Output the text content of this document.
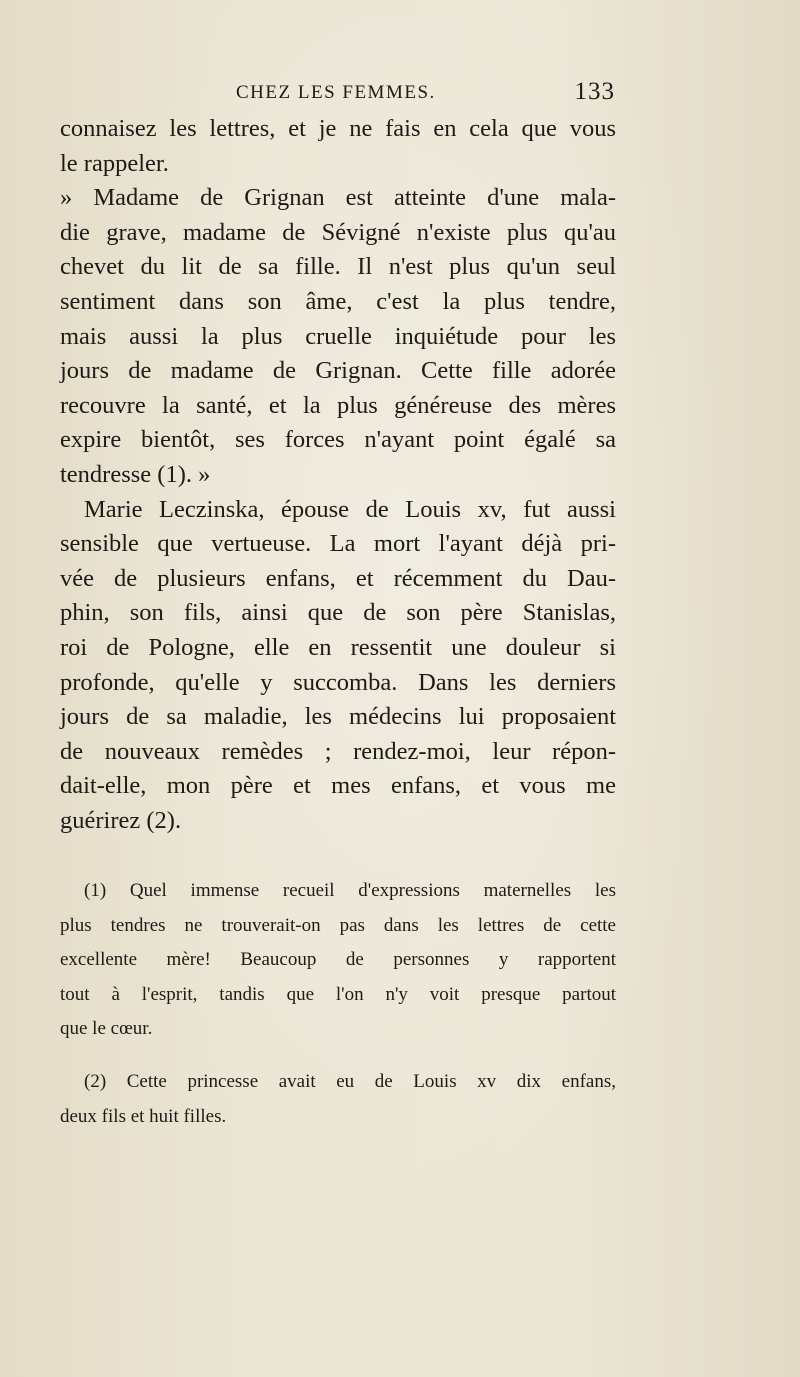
CHEZ LES FEMMES.	133
connaisez les lettres, et je ne fais en cela que vous
le rappeler.
» Madame de Grignan est atteinte d'une mala-
die grave, madame de Sévigné n'existe plus qu'au
chevet du lit de sa fille. Il n'est plus qu'un seul
sentiment dans son âme, c'est la plus tendre,
mais aussi la plus cruelle inquiétude pour les
jours de madame de Grignan. Cette fille adorée
recouvre la santé, et la plus généreuse des mères
expire bientôt, ses forces n'ayant point égalé sa
tendresse (1). »
Marie Leczinska, épouse de Louis xv, fut aussi
sensible que vertueuse. La mort l'ayant déjà pri-
vée de plusieurs enfans, et récemment du Dau-
phin, son fils, ainsi que de son père Stanislas,
roi de Pologne, elle en ressentit une douleur si
profonde, qu'elle y succomba. Dans les derniers
jours de sa maladie, les médecins lui proposaient
de nouveaux remèdes ; rendez-moi, leur répon-
dait-elle, mon père et mes enfans, et vous me
guérirez (2).
(1) Quel immense recueil d'expressions maternelles les
plus tendres ne trouverait-on pas dans les lettres de cette
excellente mère! Beaucoup de personnes y rapportent
tout à l'esprit, tandis que l'on n'y voit presque partout
que le cœur.
(2) Cette princesse avait eu de Louis xv dix enfans,
deux fils et huit filles.
